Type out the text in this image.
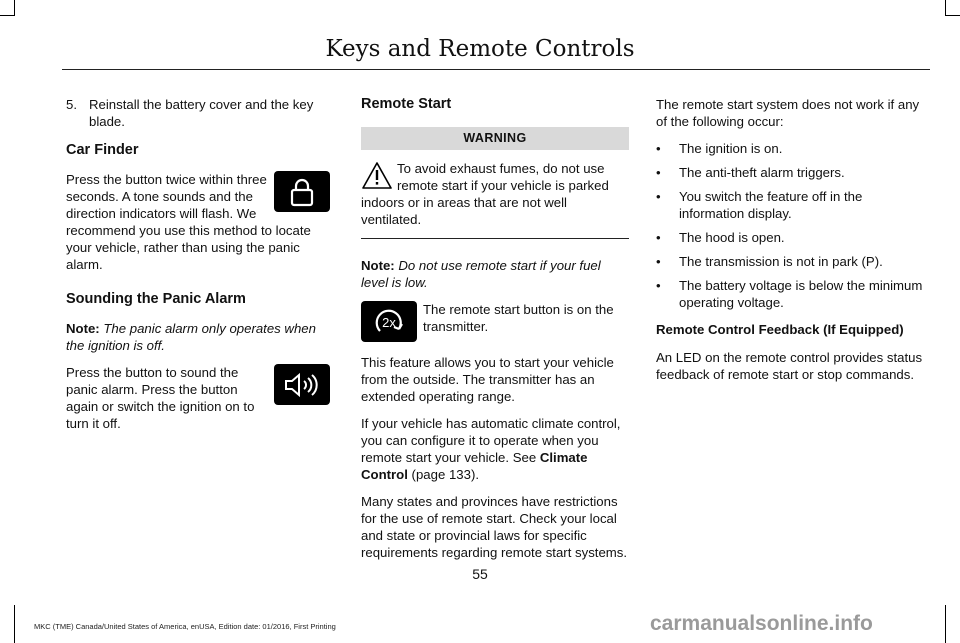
Keys and Remote Controls
5. Reinstall the battery cover and the key blade.
Car Finder

Press the button twice within three seconds. A tone sounds and the direction indicators will flash. We recommend you use this method to locate your vehicle, rather than using the panic alarm.

Sounding the Panic Alarm

Note: The panic alarm only operates when the ignition is off.

Press the button to sound the panic alarm. Press the button again or switch the ignition on to turn it off.

Remote Start
WARNING

To avoid exhaust fumes, do not use remote start if your vehicle is parked indoors or in areas that are not well ventilated.

Note: Do not use remote start if your fuel level is low.

2x
The remote start button is on the transmitter.

This feature allows you to start your vehicle from the outside. The transmitter has an extended operating range.

If your vehicle has automatic climate control, you can configure it to operate when you remote start your vehicle. See Climate Control (page 133).

Many states and provinces have restrictions for the use of remote start. Check your local and state or provincial laws for specific requirements regarding remote start systems.

The remote start system does not work if any of the following occur:

•	The ignition is on.
•	The anti-theft alarm triggers.
•	You switch the feature off in the information display.
•	The hood is open.
•	The transmission is not in park (P).
•	The battery voltage is below the minimum operating voltage.
Remote Control Feedback (If Equipped)

An LED on the remote control provides status feedback of remote start or stop commands.

55
MKC (TME) Canada/United States of America, enUSA, Edition date: 01/2016, First Printing	carmanualsonline.info
